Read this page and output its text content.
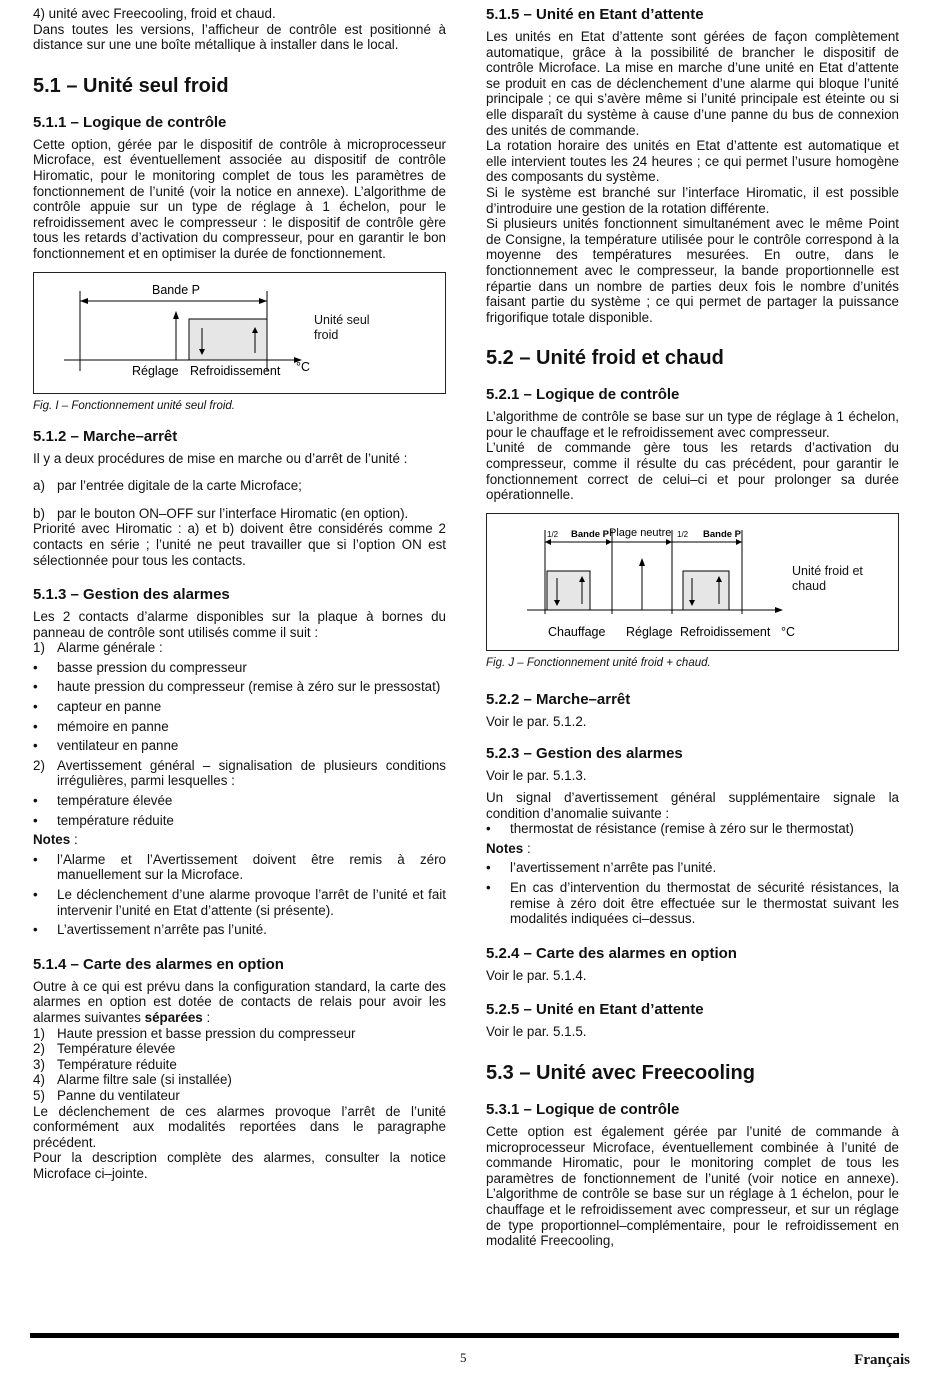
4) unité avec Freecooling, froid et chaud.

Dans toutes les versions, l’afficheur de contrôle est positionné à distance sur une une boîte métallique à installer dans le local.

5.1 – Unité seul froid
5.1.1 – Logique de contrôle

Cette option, gérée par le dispositif de contrôle à microprocesseur Microface, est éventuellement associée au dispositif de contrôle Hiromatic, pour le monitoring complet de tous les paramètres de fonctionnement de l’unité (voir la notice en annexe). L’algorithme de contrôle appuie sur un type de réglage à 1 échelon, pour le refroidissement avec le compresseur : le dispositif de contrôle gère tous les retards d’activation du compresseur, pour en garantir le bon fonctionnement et en optimiser la durée de fonctionnement.

Bande P
Réglage Refroidissement °C
Unité seul froid
Fig. I – Fonctionnement unité seul froid.
5.1.2 – Marche–arrêt

Il y a deux procédures de mise en marche ou d’arrêt de l’unité :

a) par l’entrée digitale de la carte Microface;
b) par le bouton ON–OFF sur l’interface Hiromatic (en option).

Priorité avec Hiromatic : a) et b) doivent être considérés comme 2 contacts en série ; l’unité ne peut travailler que si l’option ON est sélectionnée pour tous les contacts.

5.1.3 – Gestion des alarmes

Les 2 contacts d’alarme disponibles sur la plaque à bornes du panneau de contrôle sont utilisés comme il suit :

1) Alarme générale :
•	basse pression du compresseur
•	haute pression du compresseur (remise à zéro sur le pressostat)
•	capteur en panne
•	mémoire en panne
•	ventilateur en panne
2) Avertissement général – signalisation de plusieurs conditions irrégulières, parmi lesquelles :
•	température élevée
•	température réduite

Notes :

•	l’Alarme et l’Avertissement doivent être remis à zéro manuellement sur la Microface.
•	Le déclenchement d’une alarme provoque l’arrêt de l’unité et fait intervenir l’unité en Etat d’attente (si présente).
•	L’avertissement n’arrête pas l’unité.
5.1.4 – Carte des alarmes en option

Outre à ce qui est prévu dans la configuration standard, la carte des alarmes en option est dotée de contacts de relais pour avoir les alarmes suivantes séparées :

1) Haute pression et basse pression du compresseur
2) Température élevée
3) Température réduite
4) Alarme filtre sale (si installée)
5) Panne du ventilateur

Le déclenchement de ces alarmes provoque l’arrêt de l’unité conformément aux modalités reportées dans le paragraphe précédent.

Pour la description complète des alarmes, consulter la notice Microface ci–jointe.

5.1.5 – Unité en Etant d’attente

Les unités en Etat d’attente sont gérées de façon complètement automatique, grâce à la possibilité de brancher le dispositif de contrôle Microface. La mise en marche d’une unité en Etat d’attente se produit en cas de déclenchement d’une alarme qui bloque l’unité principale ; ce qui s’avère même si l’unité principale est éteinte ou si elle disparaît du système à cause d’une panne du bus de connexion des unités de commande.

La rotation horaire des unités en Etat d’attente est automatique et elle intervient toutes les 24 heures ; ce qui permet l’usure homogène des composants du système.

Si le système est branché sur l’interface Hiromatic, il est possible d’introduire une gestion de la rotation différente.

Si plusieurs unités fonctionnent simultanément avec le même Point de Consigne, la température utilisée pour le contrôle correspond à la moyenne des températures mesurées. En outre, dans le fonctionnement avec le compresseur, la bande proportionnelle est répartie dans un nombre de parties deux fois le nombre d’unités faisant partie du système ; ce qui permet de partager la puissance frigorifique totale disponible.

5.2 – Unité froid et chaud
5.2.1 – Logique de contrôle

L’algorithme de contrôle se base sur un type de réglage à 1 échelon, pour le chauffage et le refroidissement avec compresseur.

L’unité de commande gère tous les retards d’activation du compresseur, comme il résulte du cas précédent, pour garantir le fonctionnement correct de celui–ci et pour prolonger sa durée opérationnelle.

1/2 Bande P Plage neutre 1/2 Bande P
Chauffage Réglage Refroidissement °C
Unité froid et chaud
Fig. J – Fonctionnement unité froid + chaud.
5.2.2 – Marche–arrêt

Voir le par. 5.1.2.

5.2.3 – Gestion des alarmes

Voir le par. 5.1.3.

Un signal d’avertissement général supplémentaire signale la condition d’anomalie suivante :

•	thermostat de résistance (remise à zéro sur le thermostat)

Notes :

•	l’avertissement n’arrête pas l’unité.
•	En cas d’intervention du thermostat de sécurité résistances, la remise à zéro doit être effectuée sur le thermostat suivant les modalités indiquées ci–dessus.
5.2.4 – Carte des alarmes en option

Voir le par. 5.1.4.

5.2.5 – Unité en Etant d’attente

Voir le par. 5.1.5.

5.3 – Unité avec Freecooling
5.3.1 – Logique de contrôle

Cette option est également gérée par l’unité de commande à microprocesseur Microface, éventuellement combinée à l’unité de commande Hiromatic, pour le monitoring complet de tous les paramètres de fonctionnement de l’unité (voir notice en annexe). L’algorithme de contrôle se base sur un réglage à 1 échelon, pour le chauffage et le refroidissement avec compresseur, et sur un réglage de type proportionnel–complémentaire, pour le refroidissement en modalité Freecooling,

5	Français
